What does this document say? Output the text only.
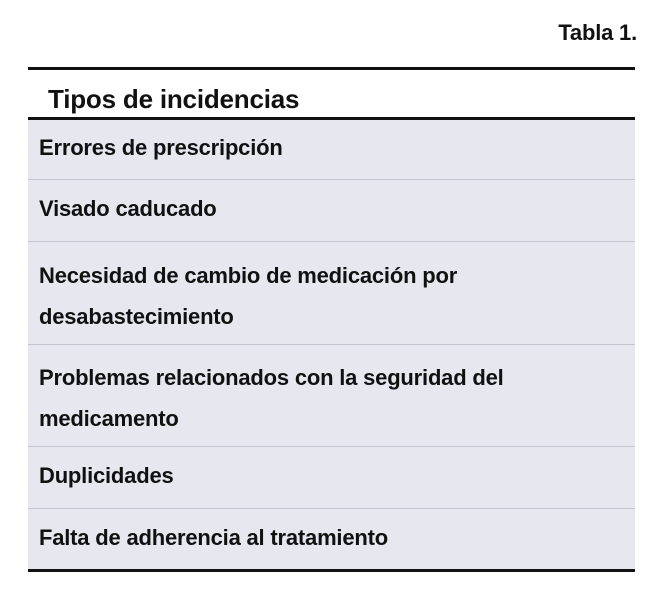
Tabla 1.
Tipos de incidencias
Errores de prescripción
Visado caducado
Necesidad de cambio de medicación por desabastecimiento
Problemas relacionados con la seguridad del medicamento
Duplicidades
Falta de adherencia al tratamiento
